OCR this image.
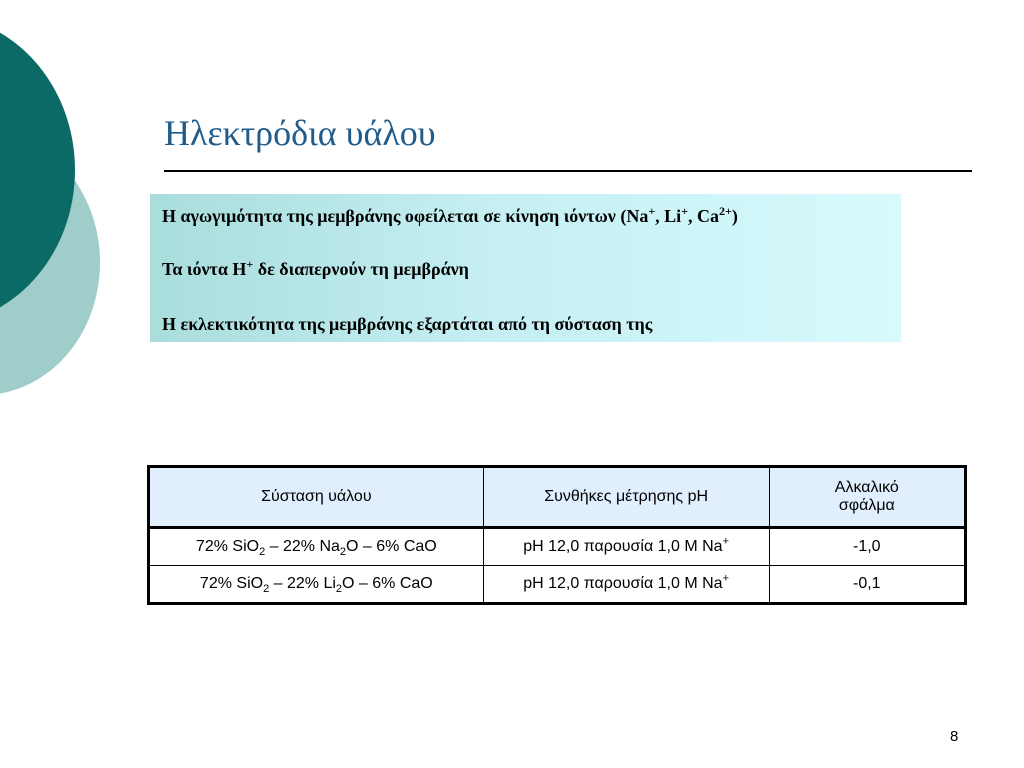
Ηλεκτρόδια υάλου
Η αγωγιμότητα της μεμβράνης οφείλεται σε κίνηση ιόντων (Na+, Li+, $Ca^{2+}$)
Τα ιόντα Η+ δε διαπερνούν τη μεμβράνη
Η εκλεκτικότητα της μεμβράνης εξαρτάται από τη σύσταση της
Σύσταση υάλου	Συνθήκες μέτρησης pH	Αλκαλικό
σφάλμα
72% SiO$_2$ – 22% $Na_2O - 6\%$ CaO	pH 12,0 παρουσία 1,0 M Na+	-1,0
72% SiO$_2$ – 22% $Li_2O - 6\%$ CaO	pH 12,0 παρουσία 1,0 M Na+	-0,1
8
